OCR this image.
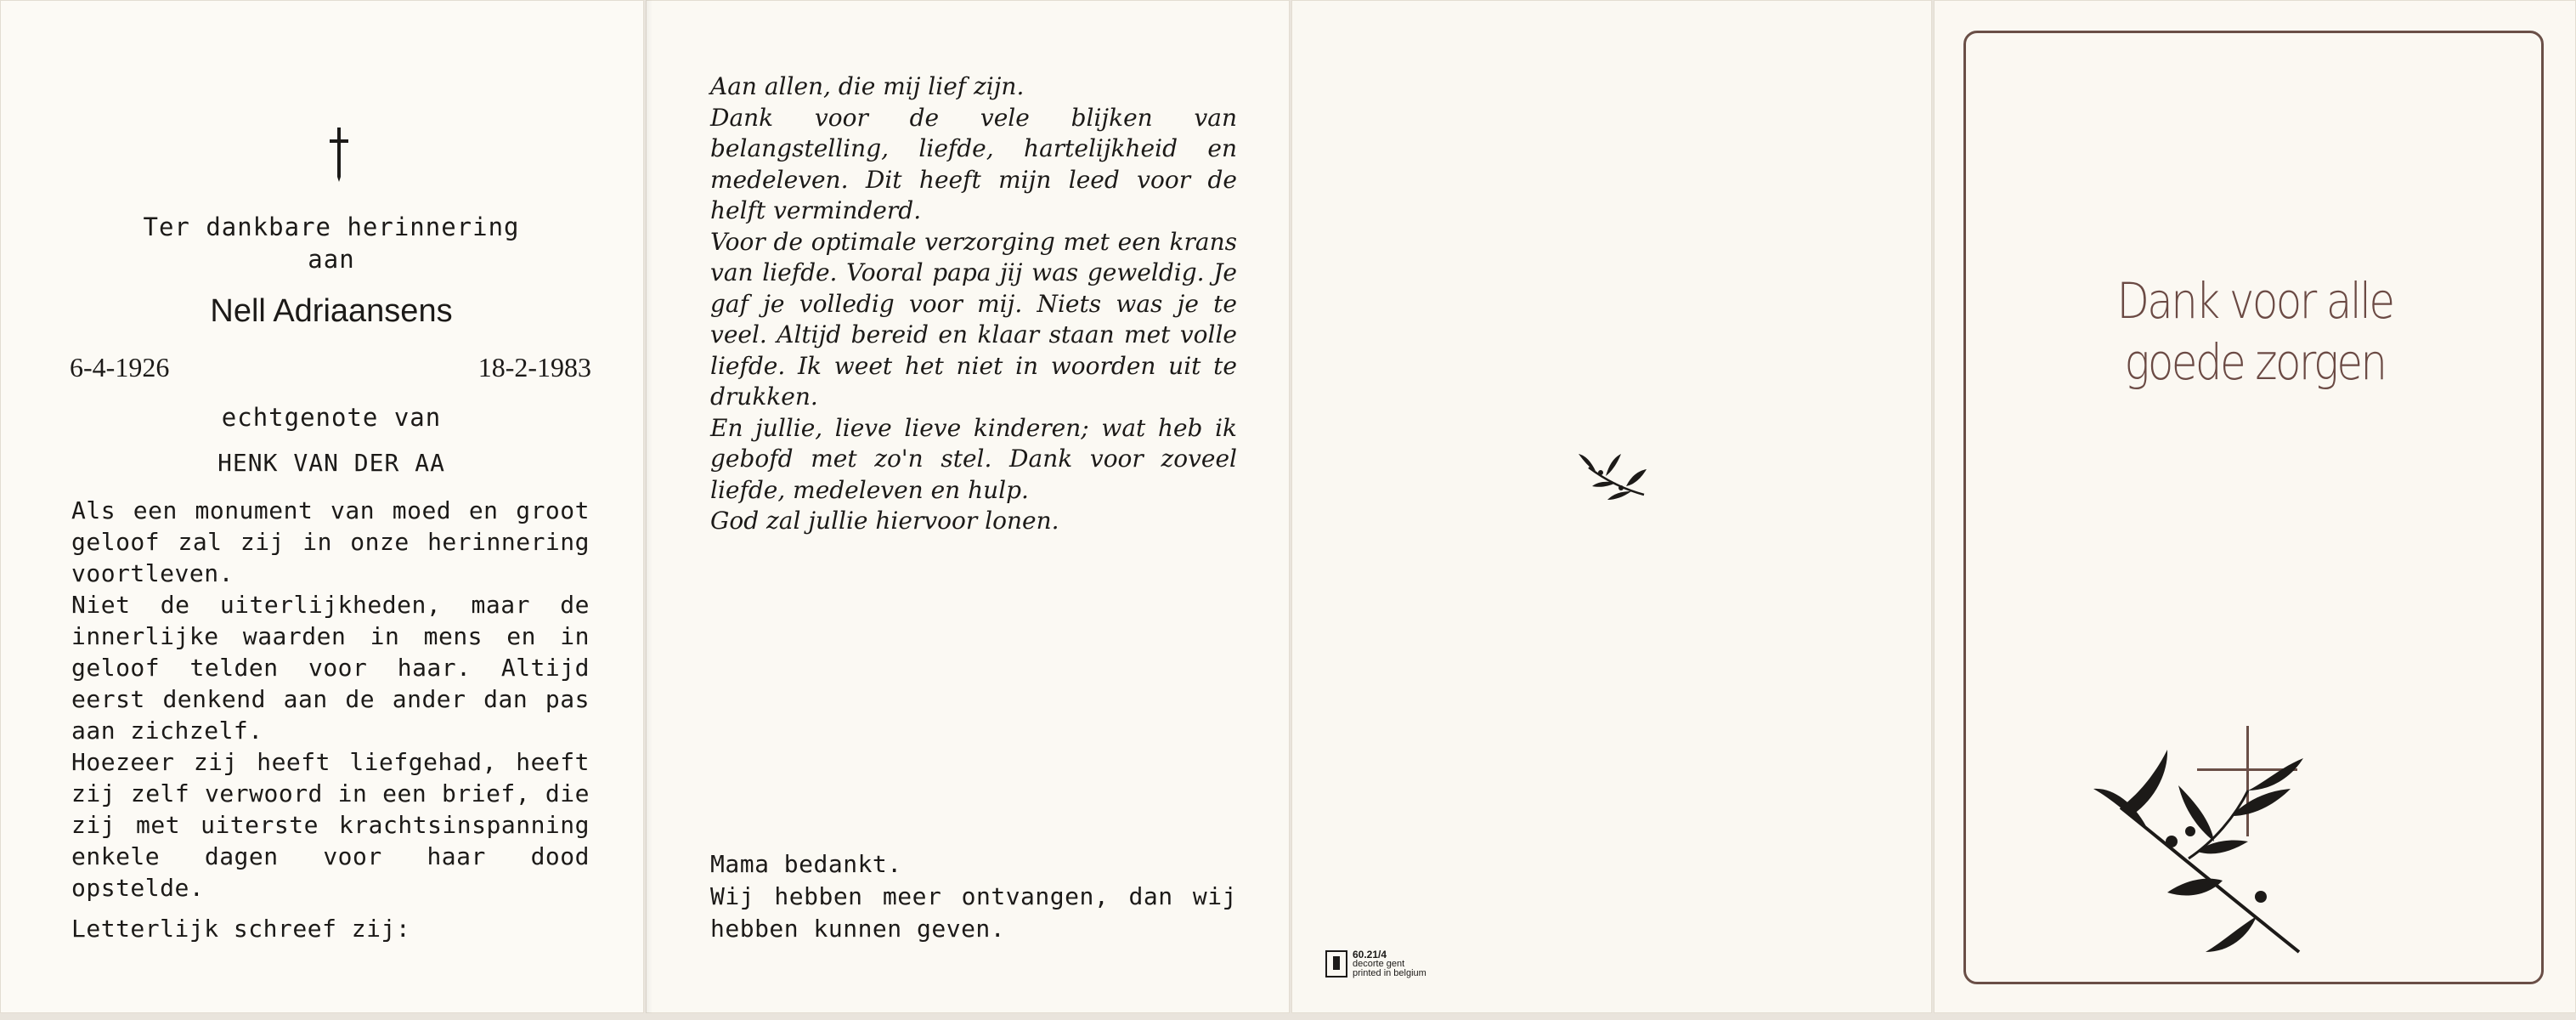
Ter dankbare herinnering
aan
Nell Adriaansens
6-4-1926	18-2-1983
echtgenote van
HENK VAN DER AA

Als een monument van moed en groot geloof zal zij in onze herinnering voortleven.

Niet de uiterlijkheden, maar de innerlijke waarden in mens en in geloof telden voor haar. Altijd eerst denkend aan de ander dan pas aan zichzelf.

Hoezeer zij heeft liefgehad, heeft zij zelf verwoord in een brief, die zij met uiterste krachtsinspanning enkele dagen voor haar dood opstelde.

Letterlijk schreef zij:

Aan allen, die mij lief zijn.

Dank voor de vele blijken van belangstelling, liefde, hartelijkheid en medeleven. Dit heeft mijn leed voor de helft verminderd.

Voor de optimale verzorging met een krans van liefde. Vooral papa jij was geweldig. Je gaf je volledig voor mij. Niets was je te veel. Altijd bereid en klaar staan met volle liefde. Ik weet het niet in woorden uit te drukken.

En jullie, lieve lieve kinderen; wat heb ik gebofd met zo'n stel. Dank voor zoveel liefde, medeleven en hulp.

God zal jullie hiervoor lonen.

Mama bedankt.

Wij hebben meer ontvangen, dan wij hebben kunnen geven.

60.21/4
decorte gent
printed in belgium
Dank voor alle
goede zorgen
